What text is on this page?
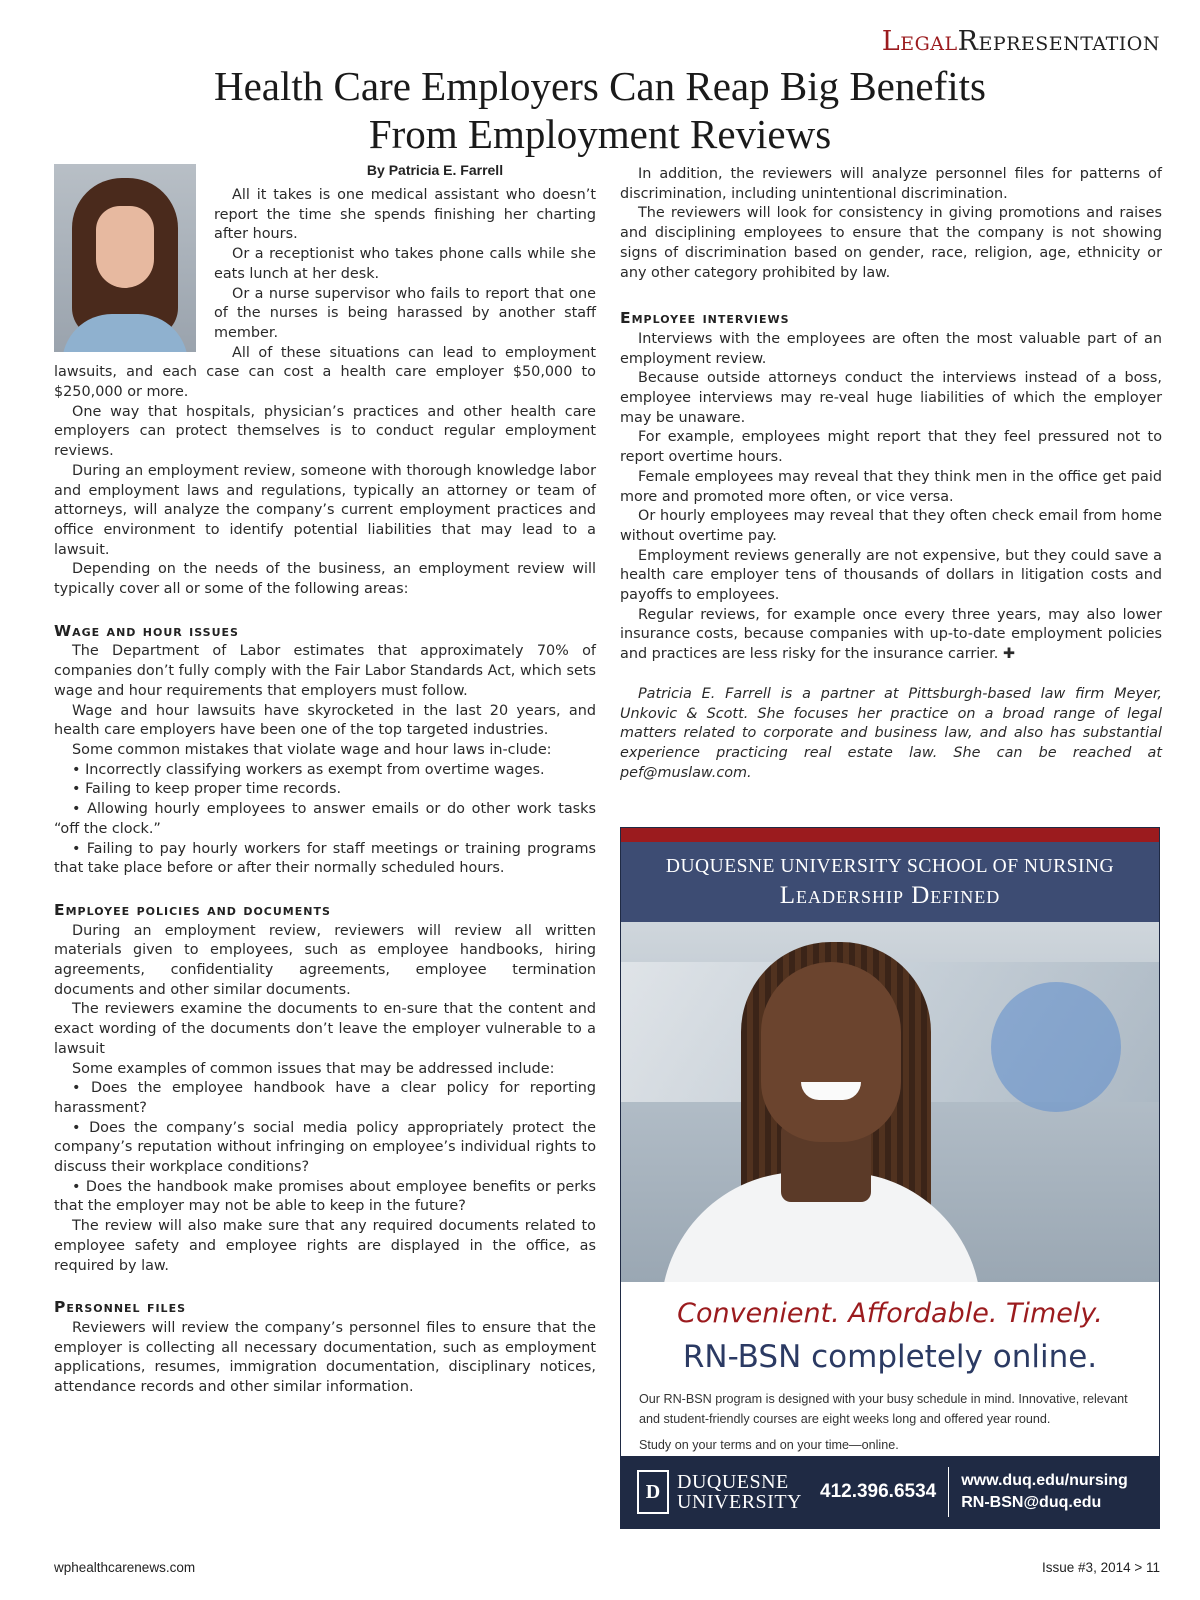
LegalRepresentation
Health Care Employers Can Reap Big Benefits
From Employment Reviews
By Patricia E. Farrell

All it takes is one medical assistant who doesn’t report the time she spends finishing her charting after hours.

Or a receptionist who takes phone calls while she eats lunch at her desk.

Or a nurse supervisor who fails to report that one of the nurses is being harassed by another staff member.

All of these situations can lead to employment lawsuits, and each case can cost a health care employer $50,000 to $250,000 or more.

One way that hospitals, physician’s practices and other health care employers can protect themselves is to conduct regular employment reviews.

During an employment review, someone with thorough knowledge labor and employment laws and regulations, typically an attorney or team of attorneys, will analyze the company’s current employment practices and office environment to identify potential liabilities that may lead to a lawsuit.

Depending on the needs of the business, an employment review will typically cover all or some of the following areas:

Wage and hour issues

The Department of Labor estimates that approximately 70% of companies don’t fully comply with the Fair Labor Standards Act, which sets wage and hour requirements that employers must follow.

Wage and hour lawsuits have skyrocketed in the last 20 years, and health care employers have been one of the top targeted industries.

Some common mistakes that violate wage and hour laws in-clude:

• Incorrectly classifying workers as exempt from overtime wages.

• Failing to keep proper time records.

• Allowing hourly employees to answer emails or do other work tasks “off the clock.”

• Failing to pay hourly workers for staff meetings or training programs that take place before or after their normally scheduled hours.

Employee policies and documents

During an employment review, reviewers will review all written materials given to employees, such as employee handbooks, hiring agreements, confidentiality agreements, employee termination documents and other similar documents.

The reviewers examine the documents to en-sure that the content and exact wording of the documents don’t leave the employer vulnerable to a lawsuit

Some examples of common issues that may be addressed include:

• Does the employee handbook have a clear policy for reporting harassment?

• Does the company’s social media policy appropriately protect the company’s reputation without infringing on employee’s individual rights to discuss their workplace conditions?

• Does the handbook make promises about employee benefits or perks that the employer may not be able to keep in the future?

The review will also make sure that any required documents related to employee safety and employee rights are displayed in the office, as required by law.

Personnel files

Reviewers will review the company’s personnel files to ensure that the employer is collecting all necessary documentation, such as employment applications, resumes, immigration documentation, disciplinary notices, attendance records and other similar information.

In addition, the reviewers will analyze personnel files for patterns of discrimination, including unintentional discrimination.

The reviewers will look for consistency in giving promotions and raises and disciplining employees to ensure that the company is not showing signs of discrimination based on gender, race, religion, age, ethnicity or any other category prohibited by law.

Employee interviews

Interviews with the employees are often the most valuable part of an employment review.

Because outside attorneys conduct the interviews instead of a boss, employee interviews may re-veal huge liabilities of which the employer may be unaware.

For example, employees might report that they feel pressured not to report overtime hours.

Female employees may reveal that they think men in the office get paid more and promoted more often, or vice versa.

Or hourly employees may reveal that they often check email from home without overtime pay.

Employment reviews generally are not expensive, but they could save a health care employer tens of thousands of dollars in litigation costs and payoffs to employees.

Regular reviews, for example once every three years, may also lower insurance costs, because companies with up-to-date employment policies and practices are less risky for the insurance carrier. ✚

Patricia E. Farrell is a partner at Pittsburgh-based law firm Meyer, Unkovic & Scott. She focuses her practice on a broad range of legal matters related to corporate and business law, and also has substantial experience practicing real estate law. She can be reached at pef@muslaw.com.

DUQUESNE UNIVERSITY SCHOOL OF NURSING
Leadership Defined
Convenient. Affordable. Timely.
RN-BSN completely online.

Our RN-BSN program is designed with your busy schedule in mind. Innovative, relevant and student-friendly courses are eight weeks long and offered year round.

Study on your terms and on your time—online.

D DUQUESNE
UNIVERSITY 412.396.6534
www.duq.edu/nursing
RN-BSN@duq.edu
wphealthcarenews.com	Issue #3, 2014 > 11
